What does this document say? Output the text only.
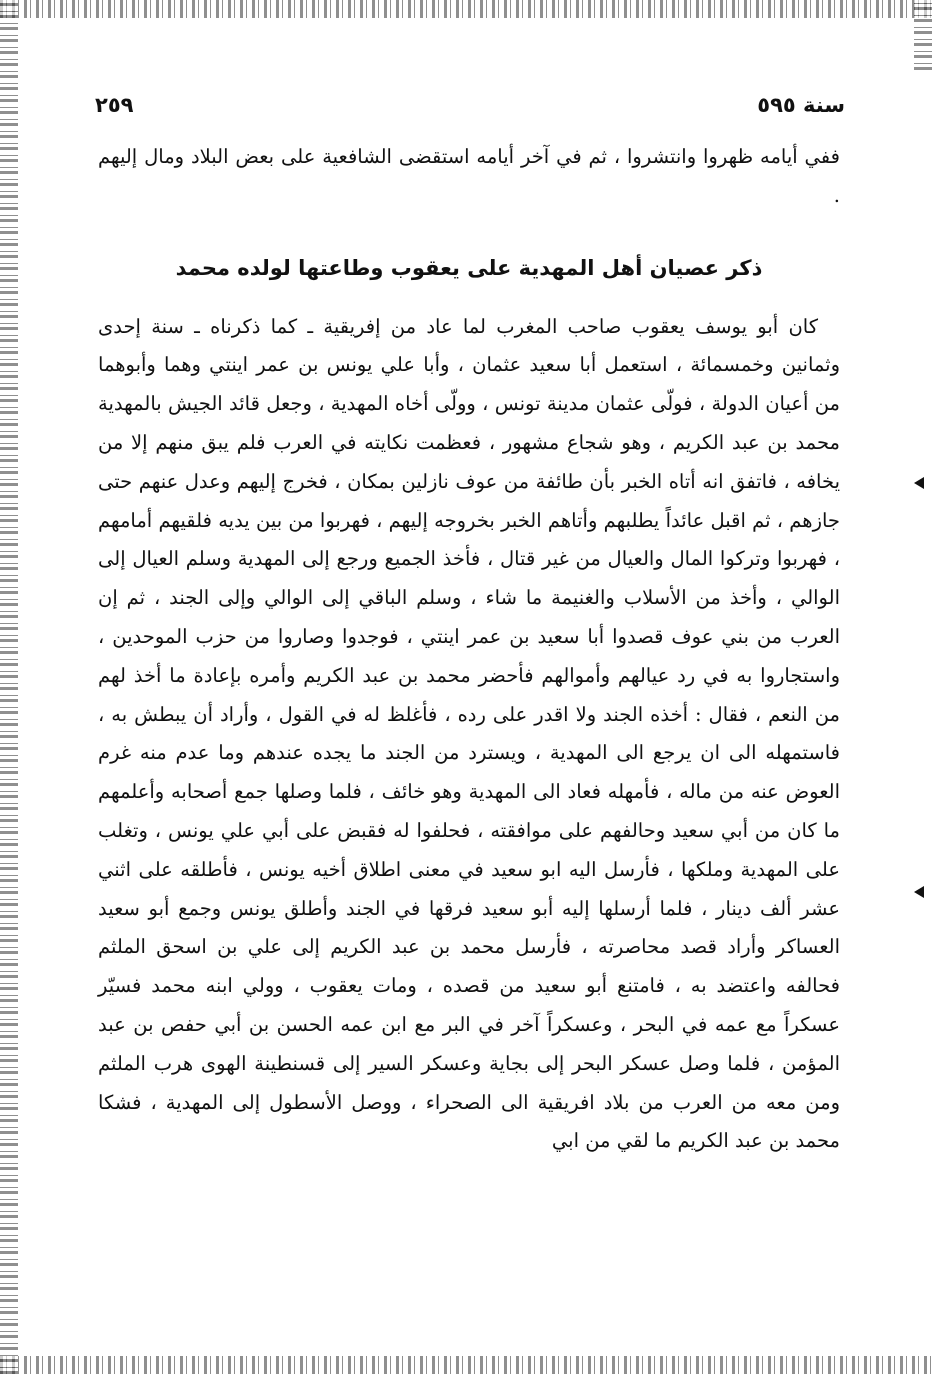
٢٥٩	سنة ٥٩٥

ففي أيامه ظهروا وانتشروا ، ثم في آخر أيامه استقضى الشافعية على بعض البلاد ومال إليهم .

ذكر عصيان أهل المهدية على يعقوب وطاعتها لولده محمد

كان أبو يوسف يعقوب صاحب المغرب لما عاد من إفريقية ـ كما ذكرناه ـ سنة إحدى وثمانين وخمسمائة ، استعمل أبا سعيد عثمان ، وأبا علي يونس بن عمر اينتي وهما وأبوهما من أعيان الدولة ، فولّى عثمان مدينة تونس ، وولّى أخاه المهدية ، وجعل قائد الجيش بالمهدية محمد بن عبد الكريم ، وهو شجاع مشهور ، فعظمت نكايته في العرب فلم يبق منهم إلا من يخافه ، فاتفق انه أتاه الخبر بأن طائفة من عوف نازلين بمكان ، فخرج إليهم وعدل عنهم حتى جازهم ، ثم اقبل عائداً يطلبهم وأتاهم الخبر بخروجه إليهم ، فهربوا من بين يديه فلقيهم أمامهم ، فهربوا وتركوا المال والعيال من غير قتال ، فأخذ الجميع ورجع إلى المهدية وسلم العيال إلى الوالي ، وأخذ من الأسلاب والغنيمة ما شاء ، وسلم الباقي إلى الوالي وإلى الجند ، ثم إن العرب من بني عوف قصدوا أبا سعيد بن عمر اينتي ، فوجدوا وصاروا من حزب الموحدين ، واستجاروا به في رد عيالهم وأموالهم فأحضر محمد بن عبد الكريم وأمره بإعادة ما أخذ لهم من النعم ، فقال : أخذه الجند ولا اقدر على رده ، فأغلظ له في القول ، وأراد أن يبطش به ، فاستمهله الى ان يرجع الى المهدية ، ويسترد من الجند ما يجده عندهم وما عدم منه غرم العوض عنه من ماله ، فأمهله فعاد الى المهدية وهو خائف ، فلما وصلها جمع أصحابه وأعلمهم ما كان من أبي سعيد وحالفهم على موافقته ، فحلفوا له فقبض على أبي علي يونس ، وتغلب على المهدية وملكها ، فأرسل اليه ابو سعيد في معنى اطلاق أخيه يونس ، فأطلقه على اثني عشر ألف دينار ، فلما أرسلها إليه أبو سعيد فرقها في الجند وأطلق يونس وجمع أبو سعيد العساكر وأراد قصد محاصرته ، فأرسل محمد بن عبد الكريم إلى علي بن اسحق الملثم فحالفه واعتضد به ، فامتنع أبو سعيد من قصده ، ومات يعقوب ، وولي ابنه محمد فسيّر عسكراً مع عمه في البحر ، وعسكراً آخر في البر مع ابن عمه الحسن بن أبي حفص بن عبد المؤمن ، فلما وصل عسكر البحر إلى بجاية وعسكر السير إلى قسنطينة الهوى هرب الملثم ومن معه من العرب من بلاد افريقية الى الصحراء ، ووصل الأسطول إلى المهدية ، فشكا محمد بن عبد الكريم ما لقي من ابي
